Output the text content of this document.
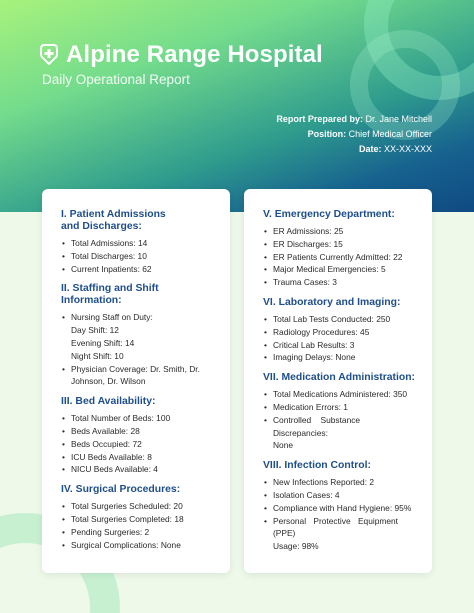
Alpine Range Hospital
Daily Operational Report
Report Prepared by: Dr. Jane Mitchell
Position: Chief Medical Officer
Date: XX-XX-XXX
I. Patient Admissions
and Discharges:
• Total Admissions: 14
• Total Discharges: 10
• Current Inpatients: 62
II. Staffing and Shift
Information:
• Nursing Staff on Duty:
Day Shift: 12
Evening Shift: 14
Night Shift: 10
• Physician Coverage: Dr. Smith, Dr.
Johnson, Dr. Wilson
III. Bed Availability:
• Total Number of Beds: 100
• Beds Available: 28
• Beds Occupied: 72
• ICU Beds Available: 8
• NICU Beds Available: 4
IV. Surgical Procedures:
• Total Surgeries Scheduled: 20
• Total Surgeries Completed: 18
• Pending Surgeries: 2
• Surgical Complications: None
V. Emergency Department:
• ER Admissions: 25
• ER Discharges: 15
• ER Patients Currently Admitted: 22
• Major Medical Emergencies: 5
• Trauma Cases: 3
VI. Laboratory and Imaging:
• Total Lab Tests Conducted: 250
• Radiology Procedures: 45
• Critical Lab Results: 3
• Imaging Delays: None
VII. Medication Administration:
• Total Medications Administered: 350
• Medication Errors: 1
• Controlled Substance Discrepancies:
None
VIII. Infection Control:
• New Infections Reported: 2
• Isolation Cases: 4
• Compliance with Hand Hygiene: 95%
• Personal Protective Equipment (PPE)
Usage: 98%
